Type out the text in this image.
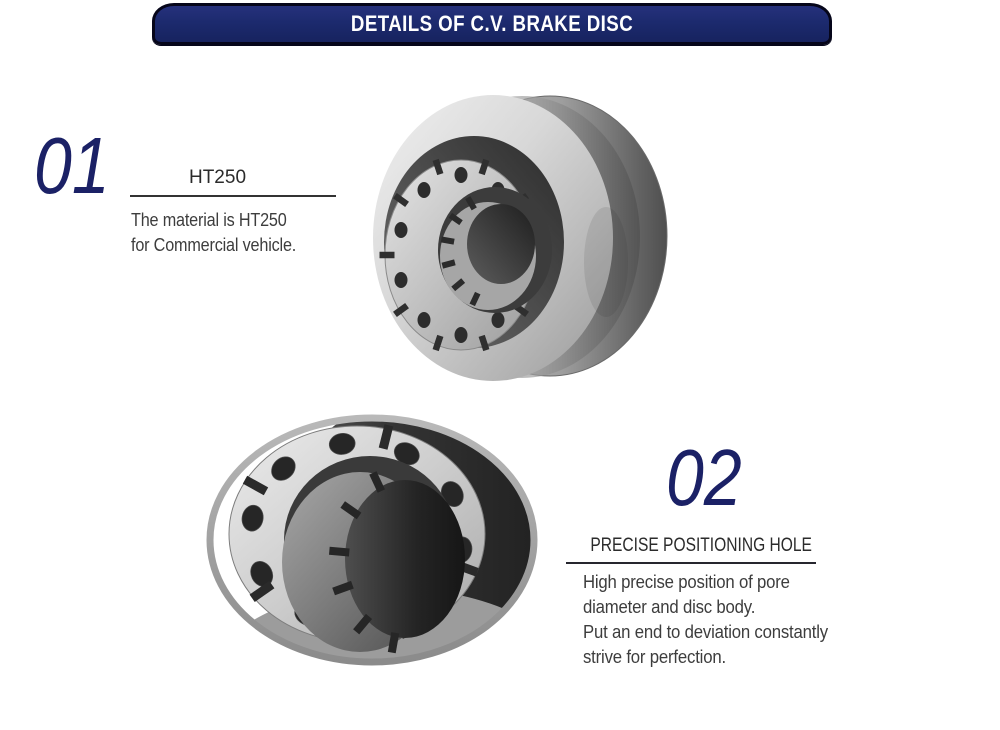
DETAILS OF C.V. BRAKE DISC
01	HT250
The material is HT250
for Commercial vehicle.
02
PRECISE POSITIONING HOLE
High precise position of pore
diameter and disc body.
Put an end to deviation constantly
strive for perfection.
